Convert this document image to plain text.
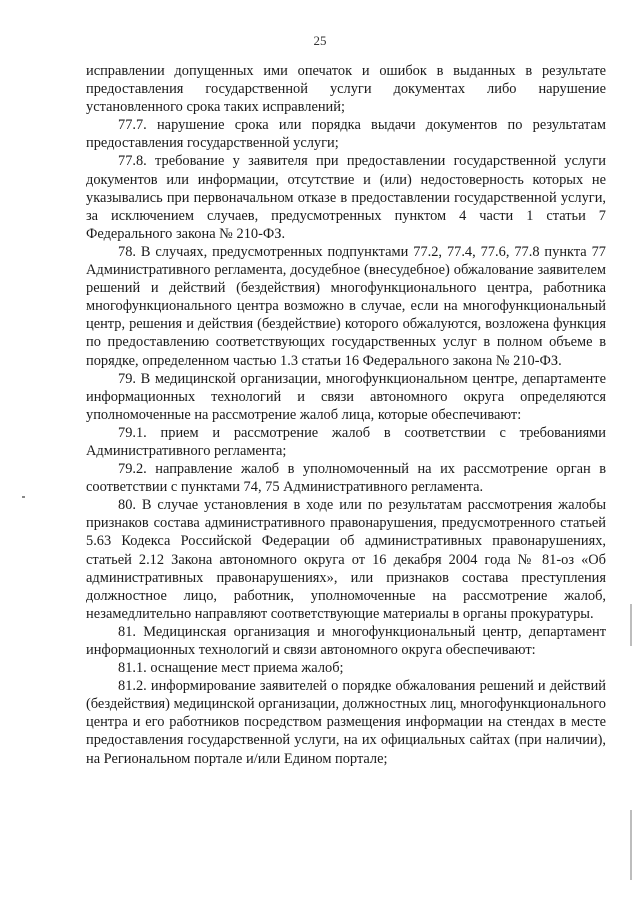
25

исправлении допущенных ими опечаток и ошибок в выданных в результате предоставления государственной услуги документах либо нарушение установленного срока таких исправлений;

77.7. нарушение срока или порядка выдачи документов по результатам предоставления государственной услуги;

77.8. требование у заявителя при предоставлении государственной услуги документов или информации, отсутствие и (или) недостоверность которых не указывались при первоначальном отказе в предоставлении государственной услуги, за исключением случаев, предусмотренных пунктом 4 части 1 статьи 7 Федерального закона № 210-ФЗ.

78. В случаях, предусмотренных подпунктами 77.2, 77.4, 77.6, 77.8 пункта 77 Административного регламента, досудебное (внесудебное) обжалование заявителем решений и действий (бездействия) многофункционального центра, работника многофункционального центра возможно в случае, если на многофункциональный центр, решения и действия (бездействие) которого обжалуются, возложена функция по предоставлению соответствующих государственных услуг в полном объеме в порядке, определенном частью 1.3 статьи 16 Федерального закона № 210-ФЗ.

79. В медицинской организации, многофункциональном центре, департаменте информационных технологий и связи автономного округа определяются уполномоченные на рассмотрение жалоб лица, которые обеспечивают:

79.1. прием и рассмотрение жалоб в соответствии с требованиями Административного регламента;

79.2. направление жалоб в уполномоченный на их рассмотрение орган в соответствии с пунктами 74, 75 Административного регламента.

80. В случае установления в ходе или по результатам рассмотрения жалобы признаков состава административного правонарушения, предусмотренного статьей 5.63 Кодекса Российской Федерации об административных правонарушениях, статьей 2.12 Закона автономного округа от 16 декабря 2004 года № 81-оз «Об административных правонарушениях», или признаков состава преступления должностное лицо, работник, уполномоченные на рассмотрение жалоб, незамедлительно направляют соответствующие материалы в органы прокуратуры.

81. Медицинская организация и многофункциональный центр, департамент информационных технологий и связи автономного округа обеспечивают:

81.1. оснащение мест приема жалоб;

81.2. информирование заявителей о порядке обжалования решений и действий (бездействия) медицинской организации, должностных лиц, многофункционального центра и его работников посредством размещения информации на стендах в месте предоставления государственной услуги, на их официальных сайтах (при наличии), на Региональном портале и/или Едином портале;
